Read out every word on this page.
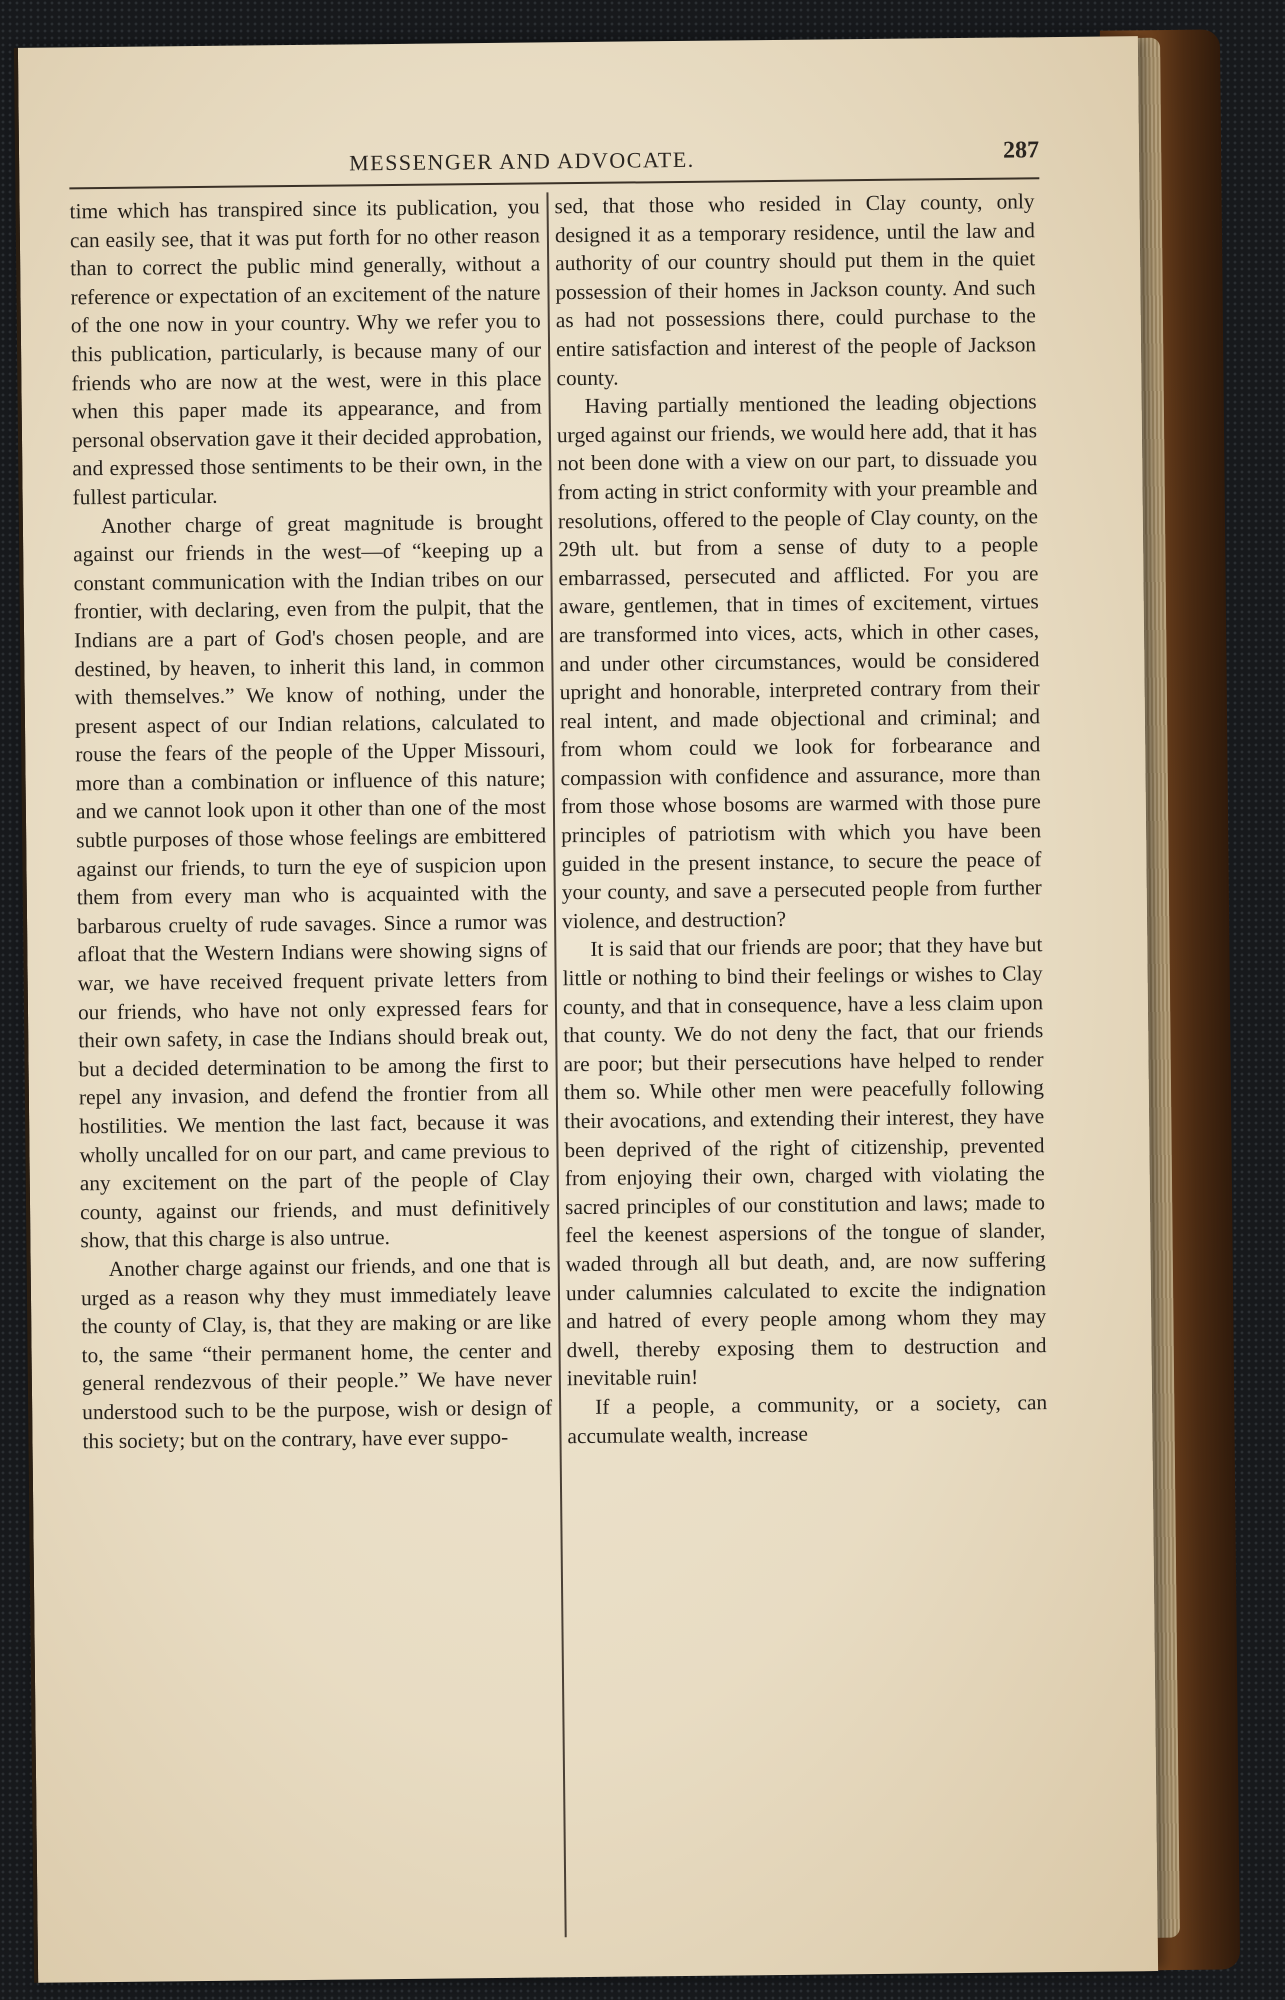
MESSENGER AND ADVOCATE.	287

time which has transpired since its publication, you can easily see, that it was put forth for no other reason than to correct the public mind generally, without a reference or expectation of an excitement of the nature of the one now in your country. Why we refer you to this publication, particularly, is because many of our friends who are now at the west, were in this place when this paper made its appearance, and from personal observation gave it their decided approbation, and expressed those sentiments to be their own, in the fullest particular.

Another charge of great magnitude is brought against our friends in the west—of “keeping up a constant communication with the Indian tribes on our frontier, with declaring, even from the pulpit, that the Indians are a part of God's chosen people, and are destined, by heaven, to inherit this land, in common with themselves.” We know of nothing, under the present aspect of our Indian relations, calculated to rouse the fears of the people of the Upper Missouri, more than a combination or influence of this nature; and we cannot look upon it other than one of the most subtle purposes of those whose feelings are embittered against our friends, to turn the eye of suspicion upon them from every man who is acquainted with the barbarous cruelty of rude savages. Since a rumor was afloat that the Western Indians were showing signs of war, we have received frequent private letters from our friends, who have not only expressed fears for their own safety, in case the Indians should break out, but a decided determination to be among the first to repel any invasion, and defend the frontier from all hostilities. We mention the last fact, because it was wholly uncalled for on our part, and came previous to any excitement on the part of the people of Clay county, against our friends, and must definitively show, that this charge is also untrue.

Another charge against our friends, and one that is urged as a reason why they must immediately leave the county of Clay, is, that they are making or are like to, the same “their permanent home, the center and general rendezvous of their people.” We have never understood such to be the purpose, wish or design of this society; but on the contrary, have ever suppo-

sed, that those who resided in Clay county, only designed it as a temporary residence, until the law and authority of our country should put them in the quiet possession of their homes in Jackson county. And such as had not possessions there, could purchase to the entire satisfaction and interest of the people of Jackson county.

Having partially mentioned the leading objections urged against our friends, we would here add, that it has not been done with a view on our part, to dissuade you from acting in strict conformity with your preamble and resolutions, offered to the people of Clay county, on the 29th ult. but from a sense of duty to a people embarrassed, persecuted and afflicted. For you are aware, gentlemen, that in times of excitement, virtues are transformed into vices, acts, which in other cases, and under other circumstances, would be considered upright and honorable, interpreted contrary from their real intent, and made objectional and criminal; and from whom could we look for forbearance and compassion with confidence and assurance, more than from those whose bosoms are warmed with those pure principles of patriotism with which you have been guided in the present instance, to secure the peace of your county, and save a persecuted people from further violence, and destruction?

It is said that our friends are poor; that they have but little or nothing to bind their feelings or wishes to Clay county, and that in consequence, have a less claim upon that county. We do not deny the fact, that our friends are poor; but their persecutions have helped to render them so. While other men were peacefully following their avocations, and extending their interest, they have been deprived of the right of citizenship, prevented from enjoying their own, charged with violating the sacred principles of our constitution and laws; made to feel the keenest aspersions of the tongue of slander, waded through all but death, and, are now suffering under calumnies calculated to excite the indignation and hatred of every people among whom they may dwell, thereby exposing them to destruction and inevitable ruin!

If a people, a community, or a society, can accumulate wealth, increase
